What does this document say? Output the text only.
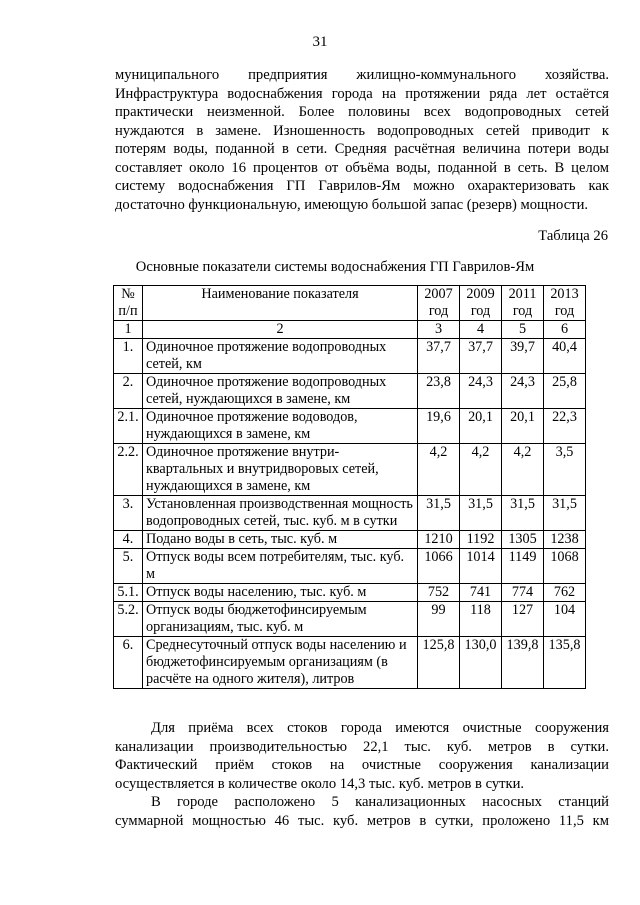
31
муниципального предприятия жилищно-коммунального хозяйства.
Инфраструктура водоснабжения города на протяжении ряда лет остаётся
практически неизменной. Более половины всех водопроводных сетей
нуждаются в замене. Изношенность водопроводных сетей приводит к
потерям воды, поданной в сети. Средняя расчётная величина потери воды
составляет около 16 процентов от объёма воды, поданной в сеть. В целом
систему водоснабжения ГП Гаврилов-Ям можно охарактеризовать как
достаточно функциональную, имеющую большой запас (резерв) мощности.
Таблица 26
Основные показатели системы водоснабжения ГП Гаврилов-Ям
№ п/п	Наименование показателя	2007 год	2009 год	2011 год	2013 год
1	2	3	4	5	6
1.	Одиночное протяжение водопроводных сетей, км	37,7	37,7	39,7	40,4
2.	Одиночное протяжение водопроводных сетей, нуждающихся в замене, км	23,8	24,3	24,3	25,8
2.1.	Одиночное протяжение водоводов, нуждающихся в замене, км	19,6	20,1	20,1	22,3
2.2.	Одиночное протяжение внутри-квартальных и внутридворовых сетей, нуждающихся в замене, км	4,2	4,2	4,2	3,5
3.	Установленная производственная мощность водопроводных сетей, тыс. куб. м в сутки	31,5	31,5	31,5	31,5
4.	Подано воды в сеть, тыс. куб. м	1210	1192	1305	1238
5.	Отпуск воды всем потребителям, тыс. куб. м	1066	1014	1149	1068
5.1.	Отпуск воды населению, тыс. куб. м	752	741	774	762
5.2.	Отпуск воды бюджетофинсируемым организациям, тыс. куб. м	99	118	127	104
6.	Среднесуточный отпуск воды населению и бюджетофинсируемым организациям (в расчёте на одного жителя), литров	125,8	130,0	139,8	135,8
Для приёма всех стоков города имеются очистные сооружения
канализации производительностью 22,1 тыс. куб. метров в сутки.
Фактический приём стоков на очистные сооружения канализации
осуществляется в количестве около 14,3 тыс. куб. метров в сутки.
В городе расположено 5 канализационных насосных станций
суммарной мощностью 46 тыс. куб. метров в сутки, проложено 11,5 км
